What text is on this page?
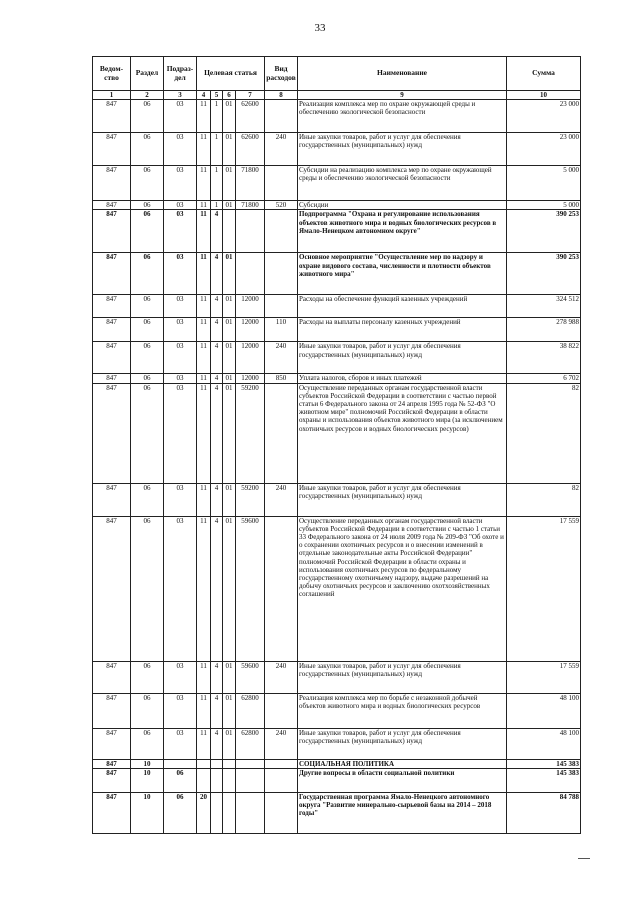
33
Ведом-ство	Раздел	Подраз-дел	Целевая статья				Вид расходов	Наименование	Сумма
1	2	3	4	5	6	7	8	9	10
847	06	03	11	1	01	62600		Реализация комплекса мер по охране окружающей среды и обеспечению экологической безопасности	23 000
847	06	03	11	1	01	62600	240	Иные закупки товаров, работ и услуг для обеспечения государственных (муниципальных) нужд	23 000
847	06	03	11	1	01	71800		Субсидии на реализацию комплекса мер по охране окружающей среды и обеспечению экологической безопасности	5 000
847	06	03	11	1	01	71800	520	Субсидии	5 000
847	06	03	11	4				Подпрограмма "Охрана и регулирование использования объектов животного мира и водных биологических ресурсов в Ямало-Ненецком автономном округе"	390 253
847	06	03	11	4	01			Основное мероприятие "Осуществление мер по надзору и охране видового состава, численности и плотности объектов животного мира"	390 253
847	06	03	11	4	01	12000		Расходы на обеспечение функций казенных учреждений	324 512
847	06	03	11	4	01	12000	110	Расходы на выплаты персоналу казенных учреждений	278 988
847	06	03	11	4	01	12000	240	Иные закупки товаров, работ и услуг для обеспечения государственных (муниципальных) нужд	38 822
847	06	03	11	4	01	12000	850	Уплата налогов, сборов и иных платежей	6 702
847	06	03	11	4	01	59200		Осуществление переданных органам государственной власти субъектов Российской Федерации в соответствии с частью первой статьи 6 Федерального закона от 24 апреля 1995 года № 52-ФЗ "О животном мире" полномочий Российской Федерации в области охраны и использования объектов животного мира (за исключением охотничьих ресурсов и водных биологических ресурсов)	82
847	06	03	11	4	01	59200	240	Иные закупки товаров, работ и услуг для обеспечения государственных (муниципальных) нужд	82
847	06	03	11	4	01	59600		Осуществление переданных органам государственной власти субъектов Российской Федерации в соответствии с частью 1 статьи 33 Федерального закона от 24 июля 2009 года № 209-ФЗ "Об охоте и о сохранении охотничьих ресурсов и о внесении изменений в отдельные законодательные акты Российской Федерации" полномочий Российской Федерации в области охраны и использования охотничьих ресурсов по федеральному государственному охотничьему надзору, выдаче разрешений на добычу охотничьих ресурсов и заключению охотхозяйственных соглашений	17 559
847	06	03	11	4	01	59600	240	Иные закупки товаров, работ и услуг для обеспечения государственных (муниципальных) нужд	17 559
847	06	03	11	4	01	62800		Реализация комплекса мер по борьбе с незаконной добычей объектов животного мира и водных биологических ресурсов	48 100
847	06	03	11	4	01	62800	240	Иные закупки товаров, работ и услуг для обеспечения государственных (муниципальных) нужд	48 100
847	10							СОЦИАЛЬНАЯ ПОЛИТИКА	145 383
847	10	06						Другие вопросы в области социальной политики	145 383
847	10	06	20					Государственная программа Ямало-Ненецкого автономного округа "Развитие минерально-сырьевой базы на 2014 – 2018 годы"	84 788
